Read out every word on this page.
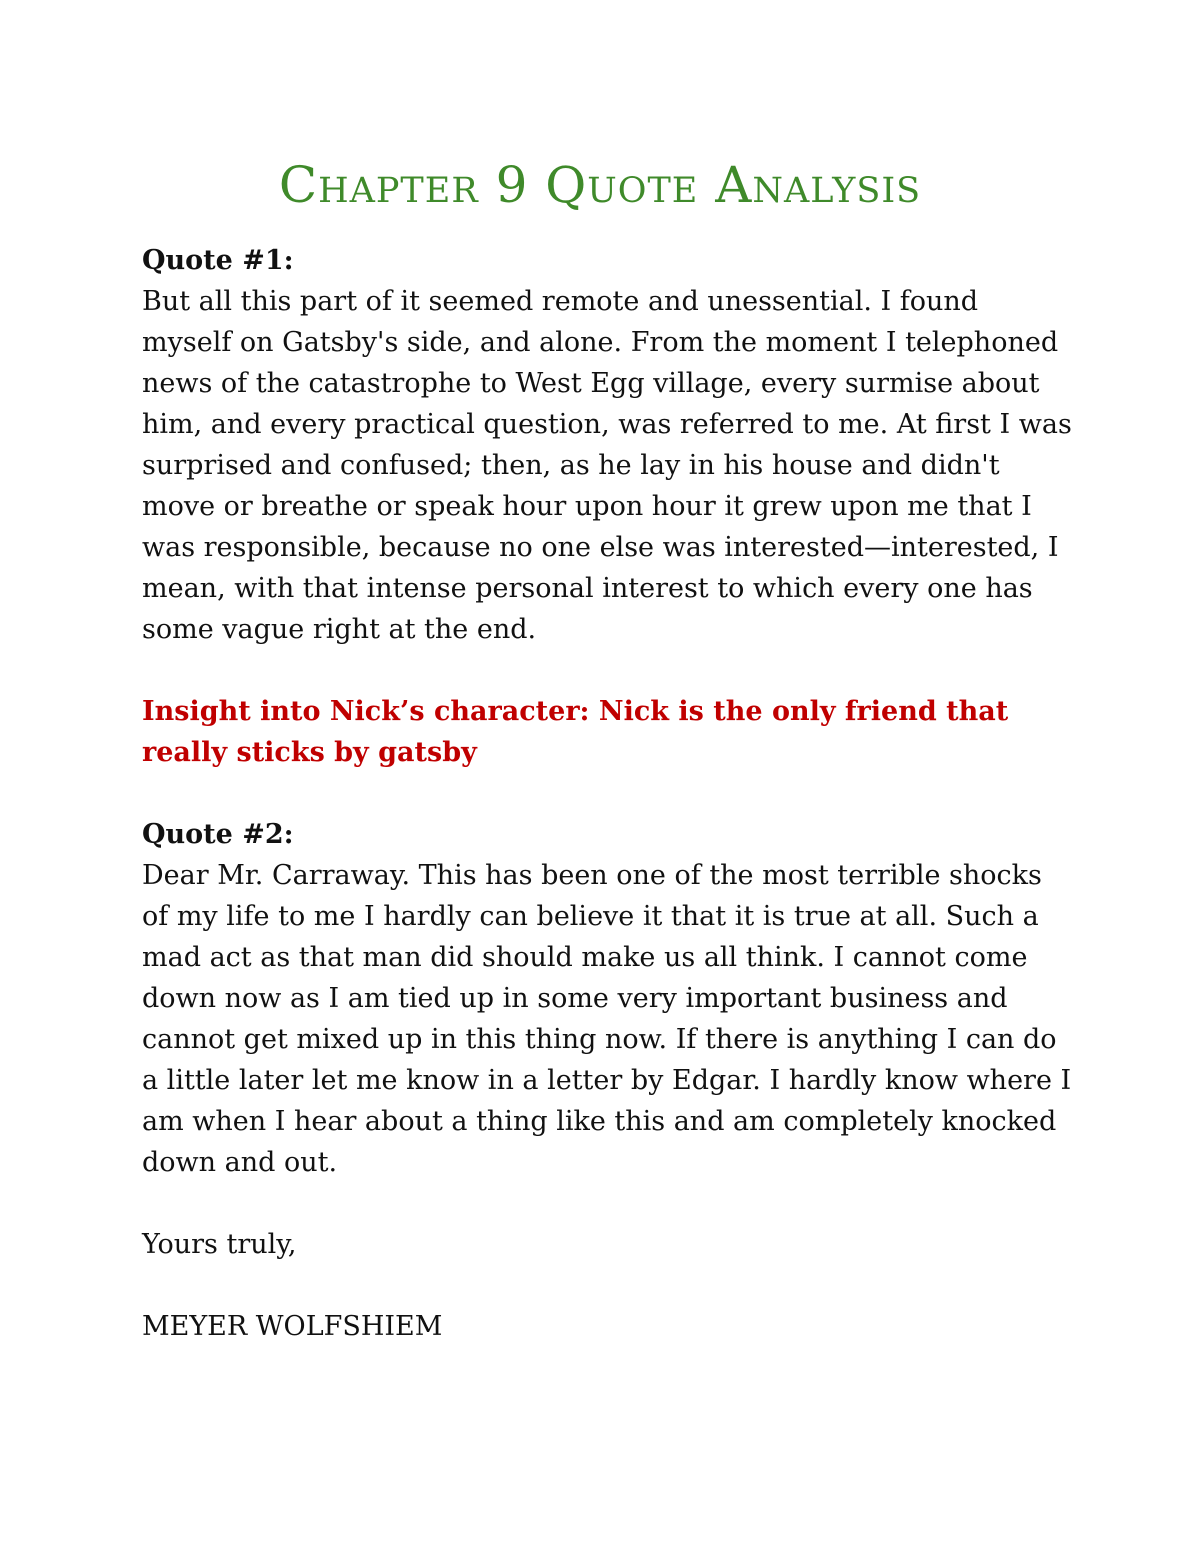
Chapter 9 Quote Analysis

Quote #1:

But all this part of it seemed remote and unessential. I found myself on Gatsby's side, and alone. From the moment I telephoned news of the catastrophe to West Egg village, every surmise about him, and every practical question, was referred to me. At first I was surprised and confused; then, as he lay in his house and didn't move or breathe or speak hour upon hour it grew upon me that I was responsible, because no one else was interested—interested, I mean, with that intense personal interest to which every one has some vague right at the end.

Insight into Nick’s character: Nick is the only friend that really sticks by gatsby

Quote #2:

Dear Mr. Carraway. This has been one of the most terrible shocks of my life to me I hardly can believe it that it is true at all. Such a mad act as that man did should make us all think. I cannot come down now as I am tied up in some very important business and cannot get mixed up in this thing now. If there is anything I can do a little later let me know in a letter by Edgar. I hardly know where I am when I hear about a thing like this and am completely knocked down and out.

Yours truly,

MEYER WOLFSHIEM
